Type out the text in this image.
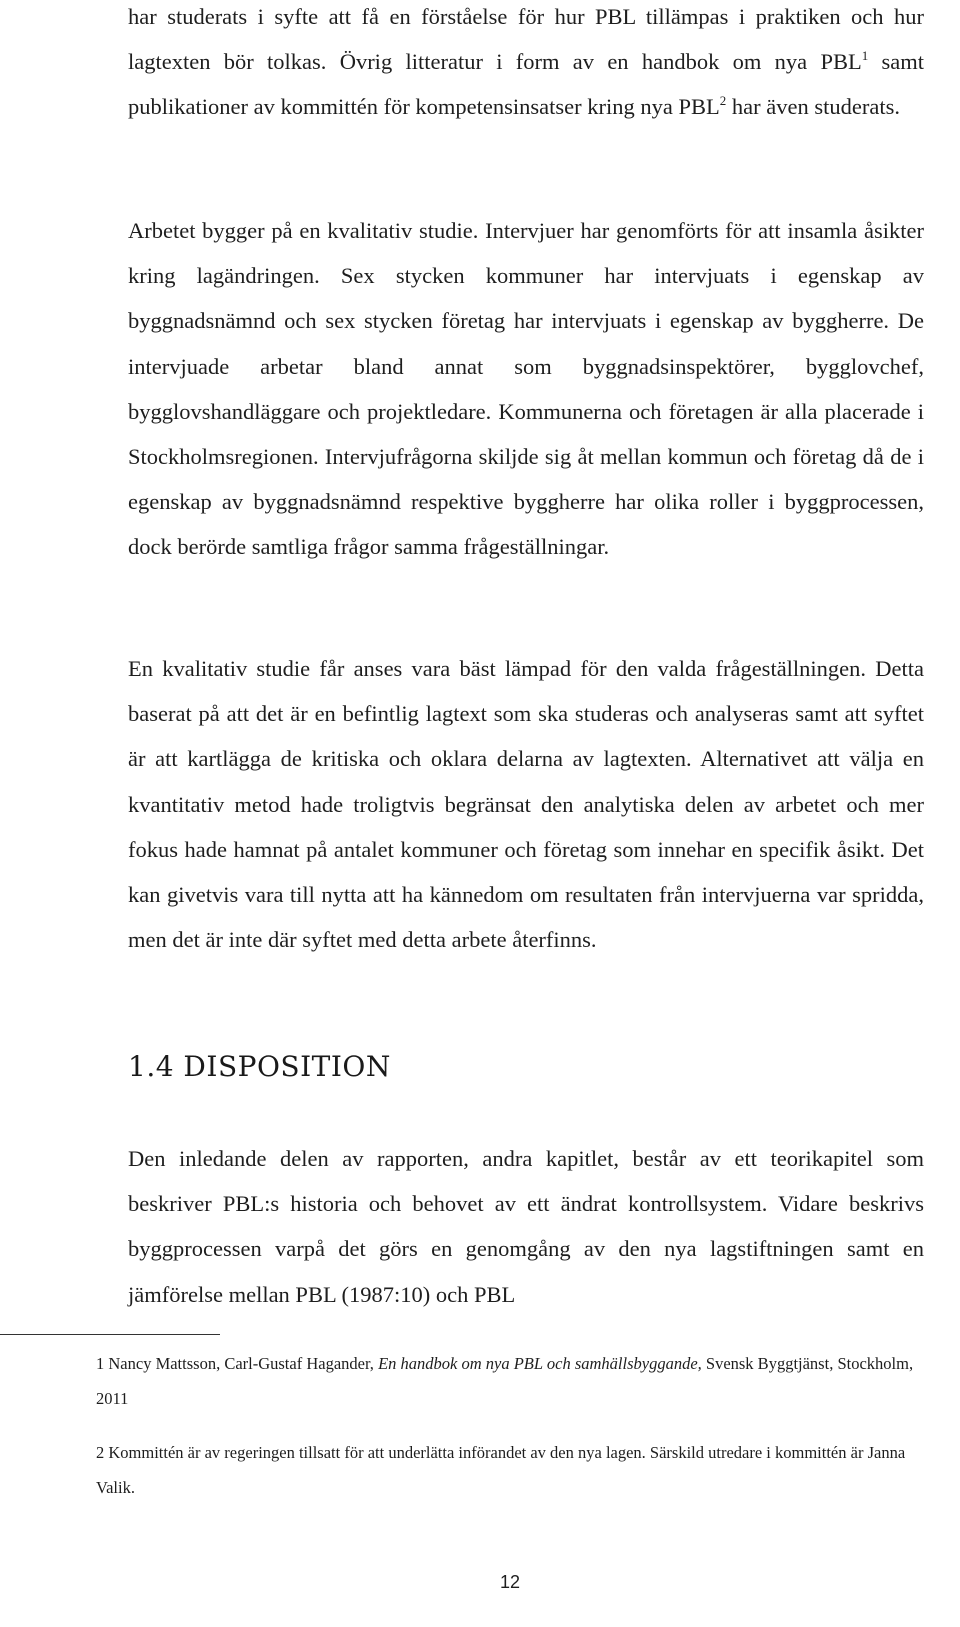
har studerats i syfte att få en förståelse för hur PBL tillämpas i praktiken och hur lagtexten bör tolkas. Övrig litteratur i form av en handbok om nya PBL$^1$ samt publikationer av kommittén för kompetensinsatser kring nya PBL$^2$ har även studerats.

Arbetet bygger på en kvalitativ studie. Intervjuer har genomförts för att insamla åsikter kring lagändringen. Sex stycken kommuner har intervjuats i egenskap av byggnadsnämnd och sex stycken företag har intervjuats i egenskap av byggherre. De intervjuade arbetar bland annat som byggnadsinspektörer, bygglovchef, bygglovshandläggare och projektledare. Kommunerna och företagen är alla placerade i Stockholmsregionen. Intervjufrågorna skiljde sig åt mellan kommun och företag då de i egenskap av byggnadsnämnd respektive byggherre har olika roller i byggprocessen, dock berörde samtliga frågor samma frågeställningar.

En kvalitativ studie får anses vara bäst lämpad för den valda frågeställningen. Detta baserat på att det är en befintlig lagtext som ska studeras och analyseras samt att syftet är att kartlägga de kritiska och oklara delarna av lagtexten. Alternativet att välja en kvantitativ metod hade troligtvis begränsat den analytiska delen av arbetet och mer fokus hade hamnat på antalet kommuner och företag som innehar en specifik åsikt. Det kan givetvis vara till nytta att ha kännedom om resultaten från intervjuerna var spridda, men det är inte där syftet med detta arbete återfinns.

1.4 DISPOSITION

Den inledande delen av rapporten, andra kapitlet, består av ett teorikapitel som beskriver PBL:s historia och behovet av ett ändrat kontrollsystem. Vidare beskrivs byggprocessen varpå det görs en genomgång av den nya lagstiftningen samt en jämförelse mellan PBL (1987:10) och PBL

1 Nancy Mattsson, Carl-Gustaf Hagander, En handbok om nya PBL och samhällsbyggande, Svensk Byggtjänst, Stockholm, 2011

2 Kommittén är av regeringen tillsatt för att underlätta införandet av den nya lagen. Särskild utredare i kommittén är Janna Valik.

12
